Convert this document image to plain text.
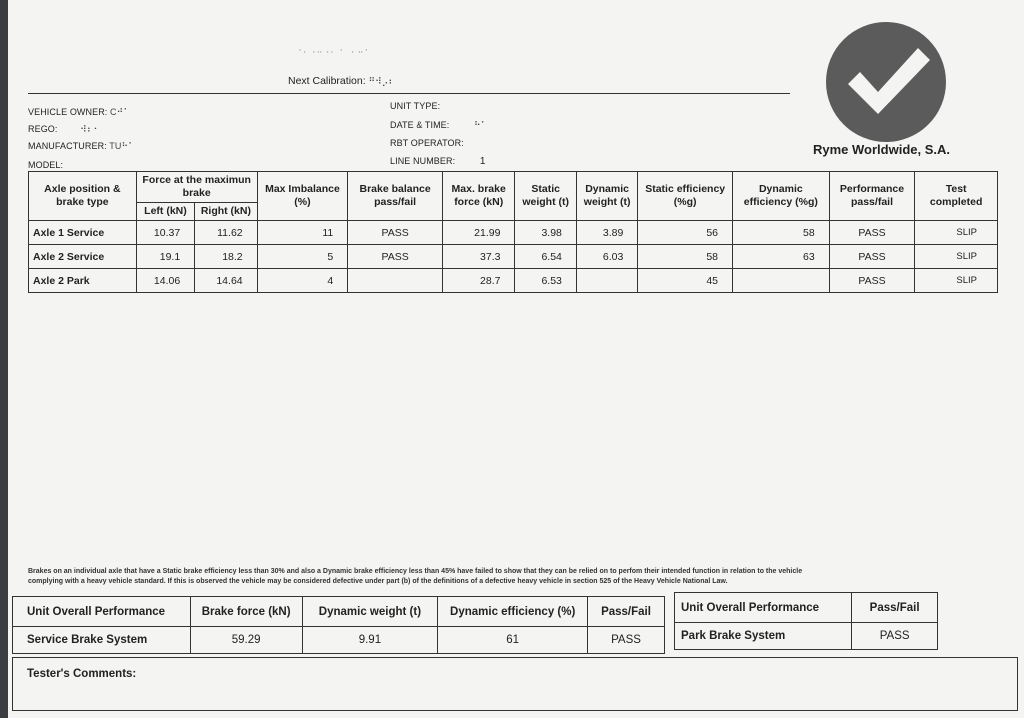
⠠⡀⢀⣀⢀⡀⠠⠀⡀⣀⠄
Next Calibration: ⠛⠺⡠⠆
Ryme Worldwide, S.A.
VEHICLE OWNER: C⠚⠁
REGO:	⠺⠆⠂
MANUFACTURER: TU⠓⠁
MODEL:
UNIT TYPE:
DATE & TIME:	⠓⠁
RBT OPERATOR:
LINE NUMBER: 1
Axle position & brake type	Force at the maximun brake		Max Imbalance (%)	Brake balance pass/fail	Max. brake force (kN)	Static weight (t)	Dynamic weight (t)	Static efficiency (%g)	Dynamic efficiency (%g)	Performance pass/fail	Test completed
	Left (kN)	Right (kN)									
Axle 1 Service	10.37	11.62	11	PASS	21.99	3.98	3.89	56	58	PASS	SLIP
Axle 2 Service	19.1	18.2	5	PASS	37.3	6.54	6.03	58	63	PASS	SLIP
Axle 2 Park	14.06	14.64	4		28.7	6.53		45		PASS	SLIP
Brakes on an individual axle that have a Static brake efficiency less than 30% and also a Dynamic brake efficiency less than 45% have failed to show that they can be relied on to perfom their intended function in relation to the vehicle
complying with a heavy vehicle standard. If this is observed the vehicle may be considered defective under part (b) of the definitions of a defective heavy vehicle in section 525 of the Heavy Vehicle National Law.
Unit Overall Performance	Brake force (kN)	Dynamic weight (t)	Dynamic efficiency (%)	Pass/Fail
Service Brake System	59.29	9.91	61	PASS
Unit Overall Performance	Pass/Fail
Park Brake System	PASS
Tester's Comments:
